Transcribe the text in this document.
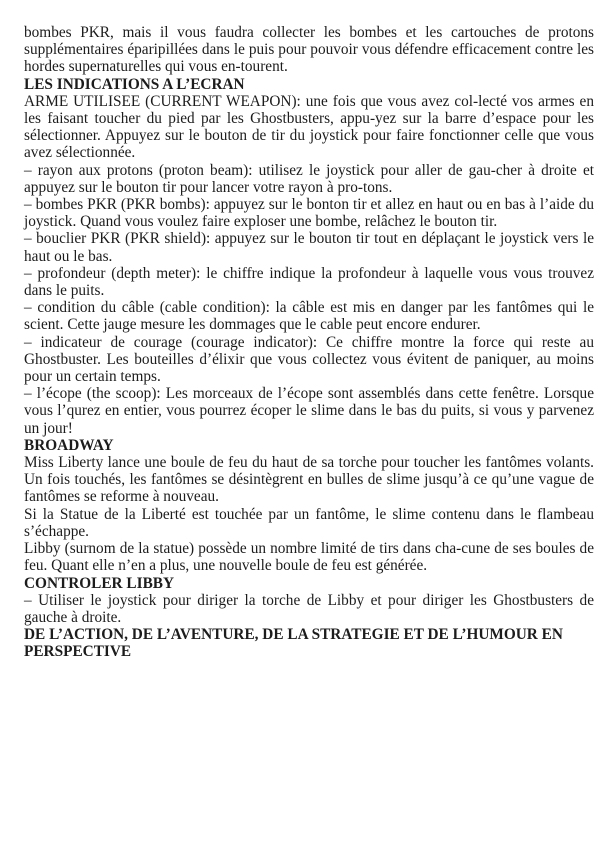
bombes PKR, mais il vous faudra collecter les bombes et les cartouches de protons supplémentaires éparipillées dans le puis pour pouvoir vous défendre efficacement contre les hordes supernaturelles qui vous en-tourent.

LES INDICATIONS A L’ECRAN

ARME UTILISEE (CURRENT WEAPON): une fois que vous avez col-lecté vos armes en les faisant toucher du pied par les Ghostbusters, appu-yez sur la barre d’espace pour les sélectionner. Appuyez sur le bouton de tir du joystick pour faire fonctionner celle que vous avez sélectionnée.

– rayon aux protons (proton beam): utilisez le joystick pour aller de gau-cher à droite et appuyez sur le bouton tir pour lancer votre rayon à pro-tons.

– bombes PKR (PKR bombs): appuyez sur le bonton tir et allez en haut ou en bas à l’aide du joystick. Quand vous voulez faire exploser une bombe, relâchez le bouton tir.

– bouclier PKR (PKR shield): appuyez sur le bouton tir tout en déplaçant le joystick vers le haut ou le bas.

– profondeur (depth meter): le chiffre indique la profondeur à laquelle vous vous trouvez dans le puits.

– condition du câble (cable condition): la câble est mis en danger par les fantômes qui le scient. Cette jauge mesure les dommages que le cable peut encore endurer.

– indicateur de courage (courage indicator): Ce chiffre montre la force qui reste au Ghostbuster. Les bouteilles d’élixir que vous collectez vous évitent de paniquer, au moins pour un certain temps.

– l’écope (the scoop): Les morceaux de l’écope sont assemblés dans cette fenêtre. Lorsque vous l’qurez en entier, vous pourrez écoper le slime dans le bas du puits, si vous y parvenez un jour!

BROADWAY

Miss Liberty lance une boule de feu du haut de sa torche pour toucher les fantômes volants. Un fois touchés, les fantômes se désintègrent en bulles de slime jusqu’à ce qu’une vague de fantômes se reforme à nouveau.

Si la Statue de la Liberté est touchée par un fantôme, le slime contenu dans le flambeau s’échappe.

Libby (surnom de la statue) possède un nombre limité de tirs dans cha-cune de ses boules de feu. Quant elle n’en a plus, une nouvelle boule de feu est générée.

CONTROLER LIBBY

– Utiliser le joystick pour diriger la torche de Libby et pour diriger les Ghostbusters de gauche à droite.

DE L’ACTION, DE L’AVENTURE, DE LA STRATEGIE ET DE L’HUMOUR EN PERSPECTIVE
